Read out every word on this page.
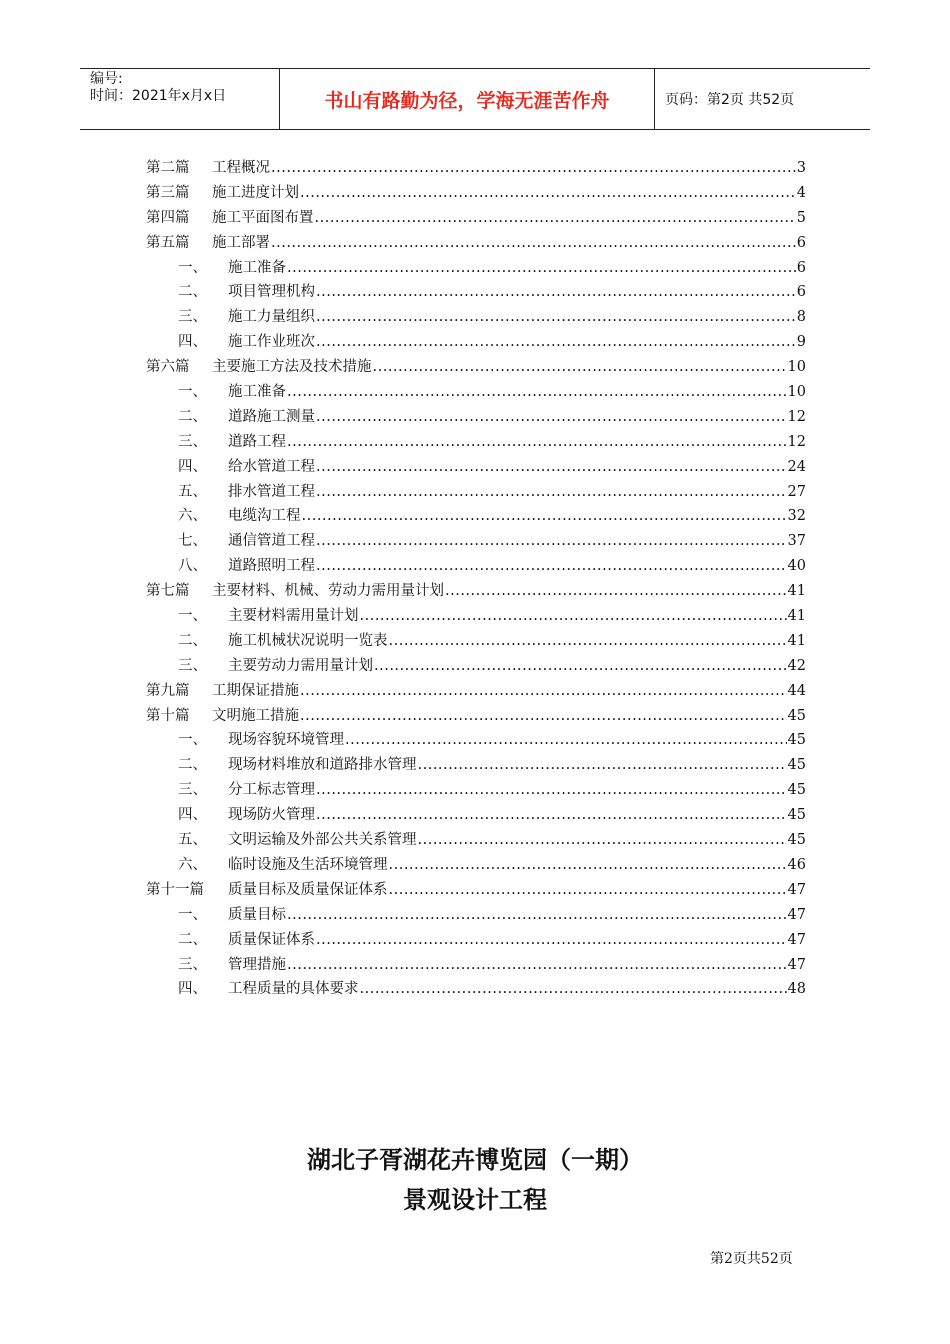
编号:
时间：2021年x月x日	书山有路勤为径，学海无涯苦作舟	页码：第2页 共52页
第二篇	工程概况 .....	3
第三篇	施工进度计划 .....	4
第四篇	施工平面图布置 .....	5
第五篇	施工部署 .....	6
一、	施工准备 .....	6
二、	项目管理机构 .....	6
三、	施工力量组织 .....	8
四、	施工作业班次 .....	9
第六篇	主要施工方法及技术措施 .....	10
一、	施工准备 .....	10
二、	道路施工测量 .....	12
三、	道路工程 .....	12
四、	给水管道工程 .....	24
五、	排水管道工程 .....	27
六、	电缆沟工程 .....	32
七、	通信管道工程 .....	37
八、	道路照明工程 .....	40
第七篇	主要材料、机械、劳动力需用量计划 .....	41
一、	主要材料需用量计划 .....	41
二、	施工机械状况说明一览表 .....	41
三、	主要劳动力需用量计划 .....	42
第九篇	工期保证措施 .....	44
第十篇	文明施工措施 .....	45
一、	现场容貌环境管理 .....	45
二、	现场材料堆放和道路排水管理 .....	45
三、	分工标志管理 .....	45
四、	现场防火管理 .....	45
五、	文明运输及外部公共关系管理 .....	45
六、	临时设施及生活环境管理 .....	46
第十一篇	质量目标及质量保证体系 .....	47
一、	质量目标 .....	47
二、	质量保证体系 .....	47
三、	管理措施 .....	47
四、	工程质量的具体要求 .....	48
湖北子胥湖花卉博览园（一期）
景观设计工程
第2页共52页
